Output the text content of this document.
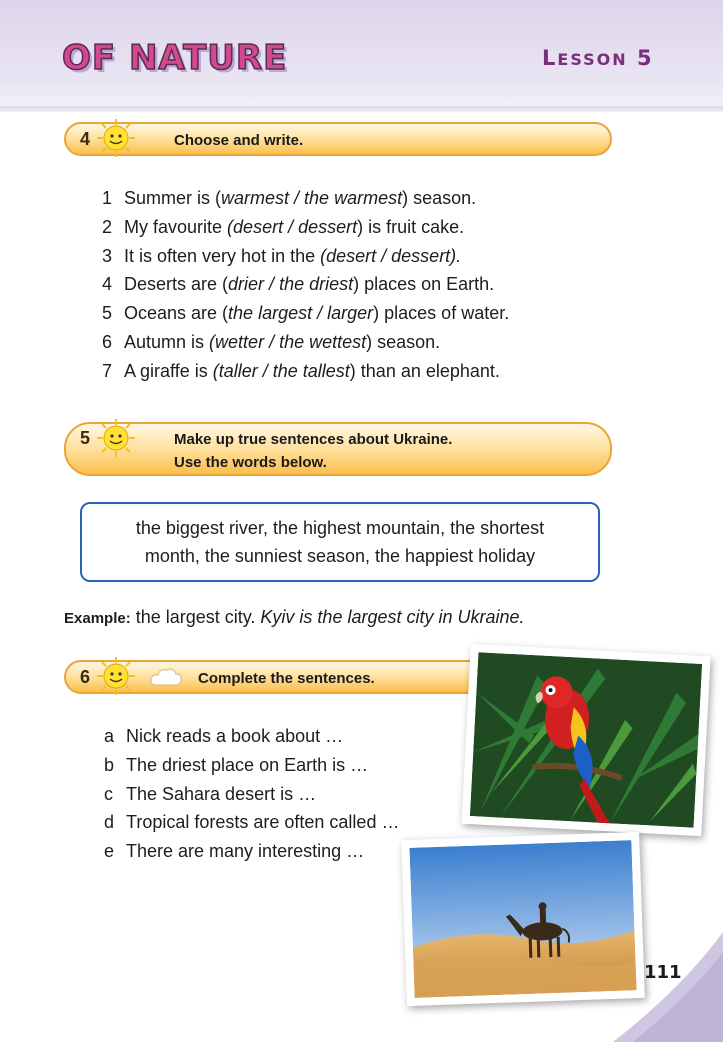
OF NATURE	LESSON 5
4	Choose and write.
1 Summer is (warmest / the warmest) season.
2 My favourite (desert / dessert) is fruit cake.
3 It is often very hot in the (desert / dessert).
4 Deserts are (drier / the driest) places on Earth.
5 Oceans are (the largest / larger) places of water.
6 Autumn is (wetter / the wettest) season.
7 A giraffe is (taller / the tallest) than an elephant.
5	Make up true sentences about Ukraine.
Use the words below.
the biggest river, the highest mountain, the shortest
month, the sunniest season, the happiest holiday
Example: the largest city. Kyiv is the largest city in Ukraine.
6	Complete the sentences.
a Nick reads a book about …
b The driest place on Earth is …
c The Sahara desert is …
d Tropical forests are often called …
e There are many interesting …
111
